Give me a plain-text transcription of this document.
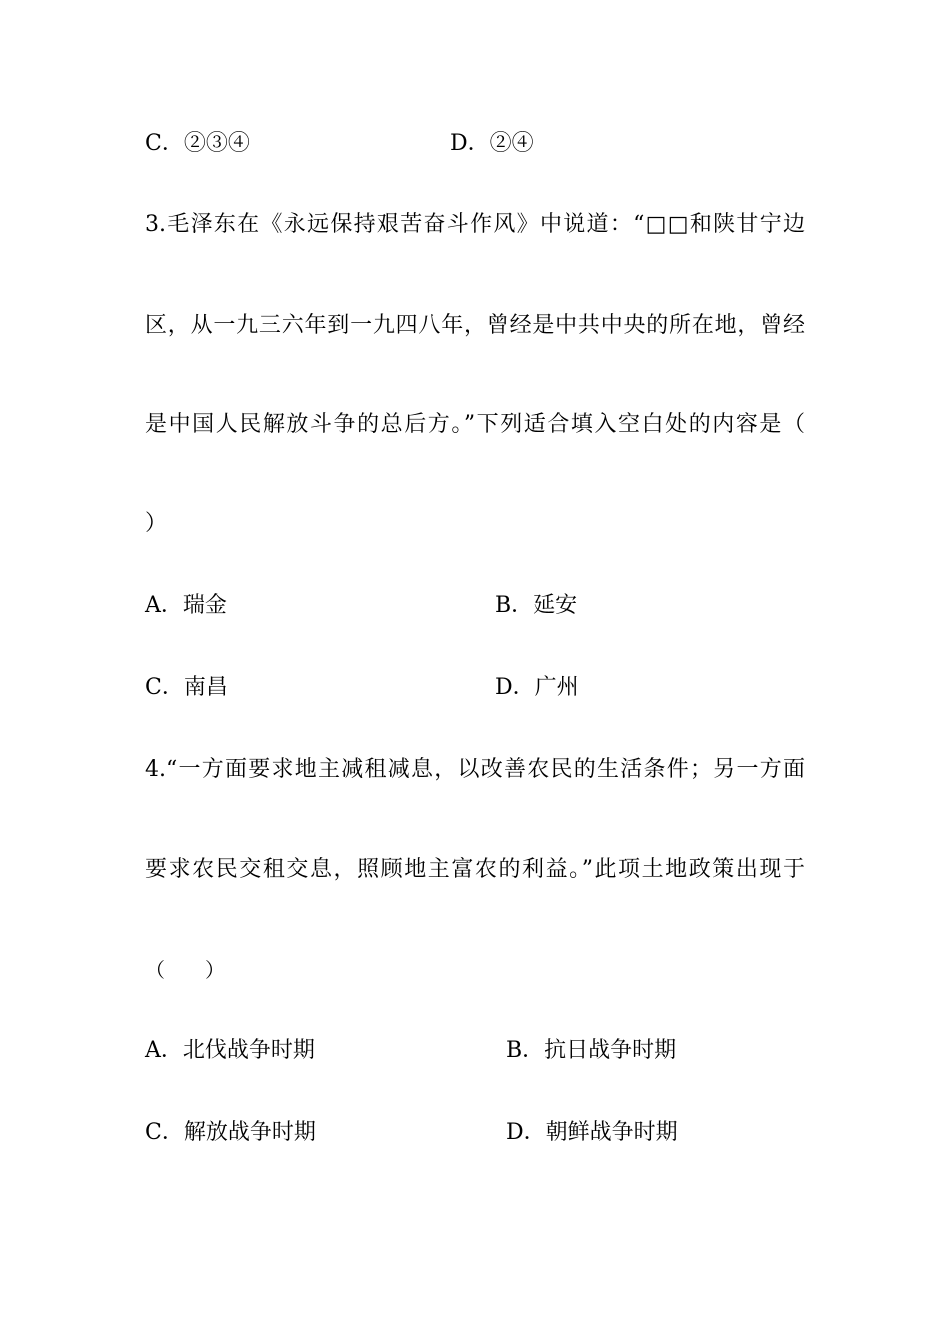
C．②③④	D．②④
3.毛泽东在《永远保持艰苦奋斗作风》中说道：“□□和陕甘宁边
区，从一九三六年到一九四八年，曾经是中共中央的所在地，曾经
是中国人民解放斗争的总后方。”下列适合填入空白处的内容是（
）
A．瑞金	B．延安
C．南昌	D．广州
4.“一方面要求地主减租减息，以改善农民的生活条件；另一方面
要求农民交租交息，照顾地主富农的利益。”此项土地政策出现于
（　　）
A．北伐战争时期	B．抗日战争时期
C．解放战争时期	D．朝鲜战争时期
